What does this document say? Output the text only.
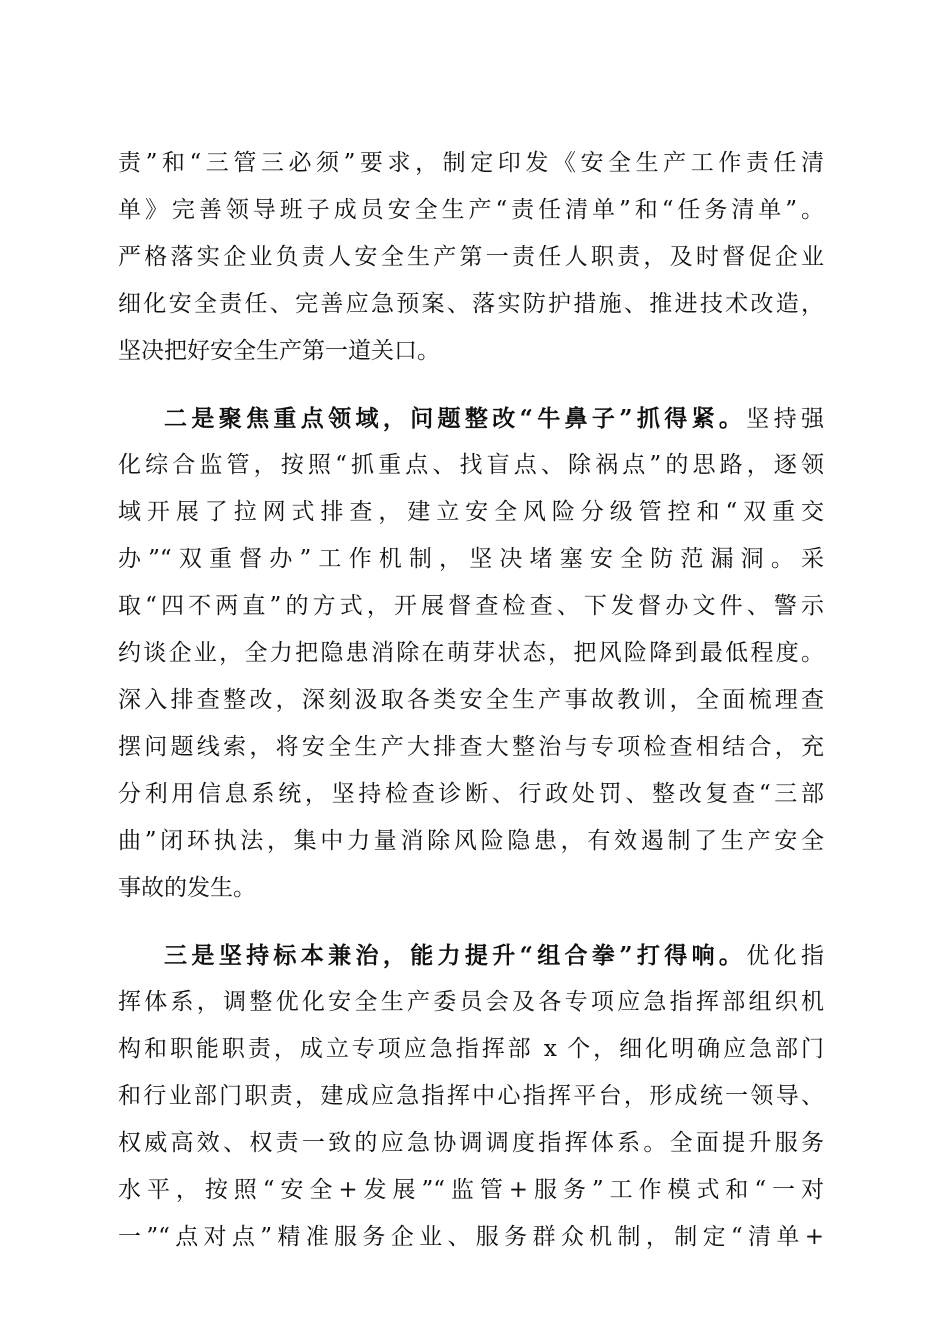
责”和“三管三必须”要求，制定印发《安全生产工作责任清
单》完善领导班子成员安全生产“责任清单”和“任务清单”。
严格落实企业负责人安全生产第一责任人职责，及时督促企业
细化安全责任、完善应急预案、落实防护措施、推进技术改造，
坚决把好安全生产第一道关口。
二是聚焦重点领域，问题整改“牛鼻子”抓得紧。坚持强
化综合监管，按照“抓重点、找盲点、除祸点”的思路，逐领
域开展了拉网式排查，建立安全风险分级管控和“双重交
办”“双重督办”工作机制，坚决堵塞安全防范漏洞。采
取“四不两直”的方式，开展督查检查、下发督办文件、警示
约谈企业，全力把隐患消除在萌芽状态，把风险降到最低程度。
深入排查整改，深刻汲取各类安全生产事故教训，全面梳理查
摆问题线索，将安全生产大排查大整治与专项检查相结合，充
分利用信息系统，坚持检查诊断、行政处罚、整改复查“三部
曲”闭环执法，集中力量消除风险隐患，有效遏制了生产安全
事故的发生。
三是坚持标本兼治，能力提升“组合拳”打得响。优化指
挥体系，调整优化安全生产委员会及各专项应急指挥部组织机
构和职能职责，成立专项应急指挥部 x 个，细化明确应急部门
和行业部门职责，建成应急指挥中心指挥平台，形成统一领导、
权威高效、权责一致的应急协调调度指挥体系。全面提升服务
水平，按照“安全+发展”“监管+服务”工作模式和“一对
一”“点对点”精准服务企业、服务群众机制，制定“清单+
